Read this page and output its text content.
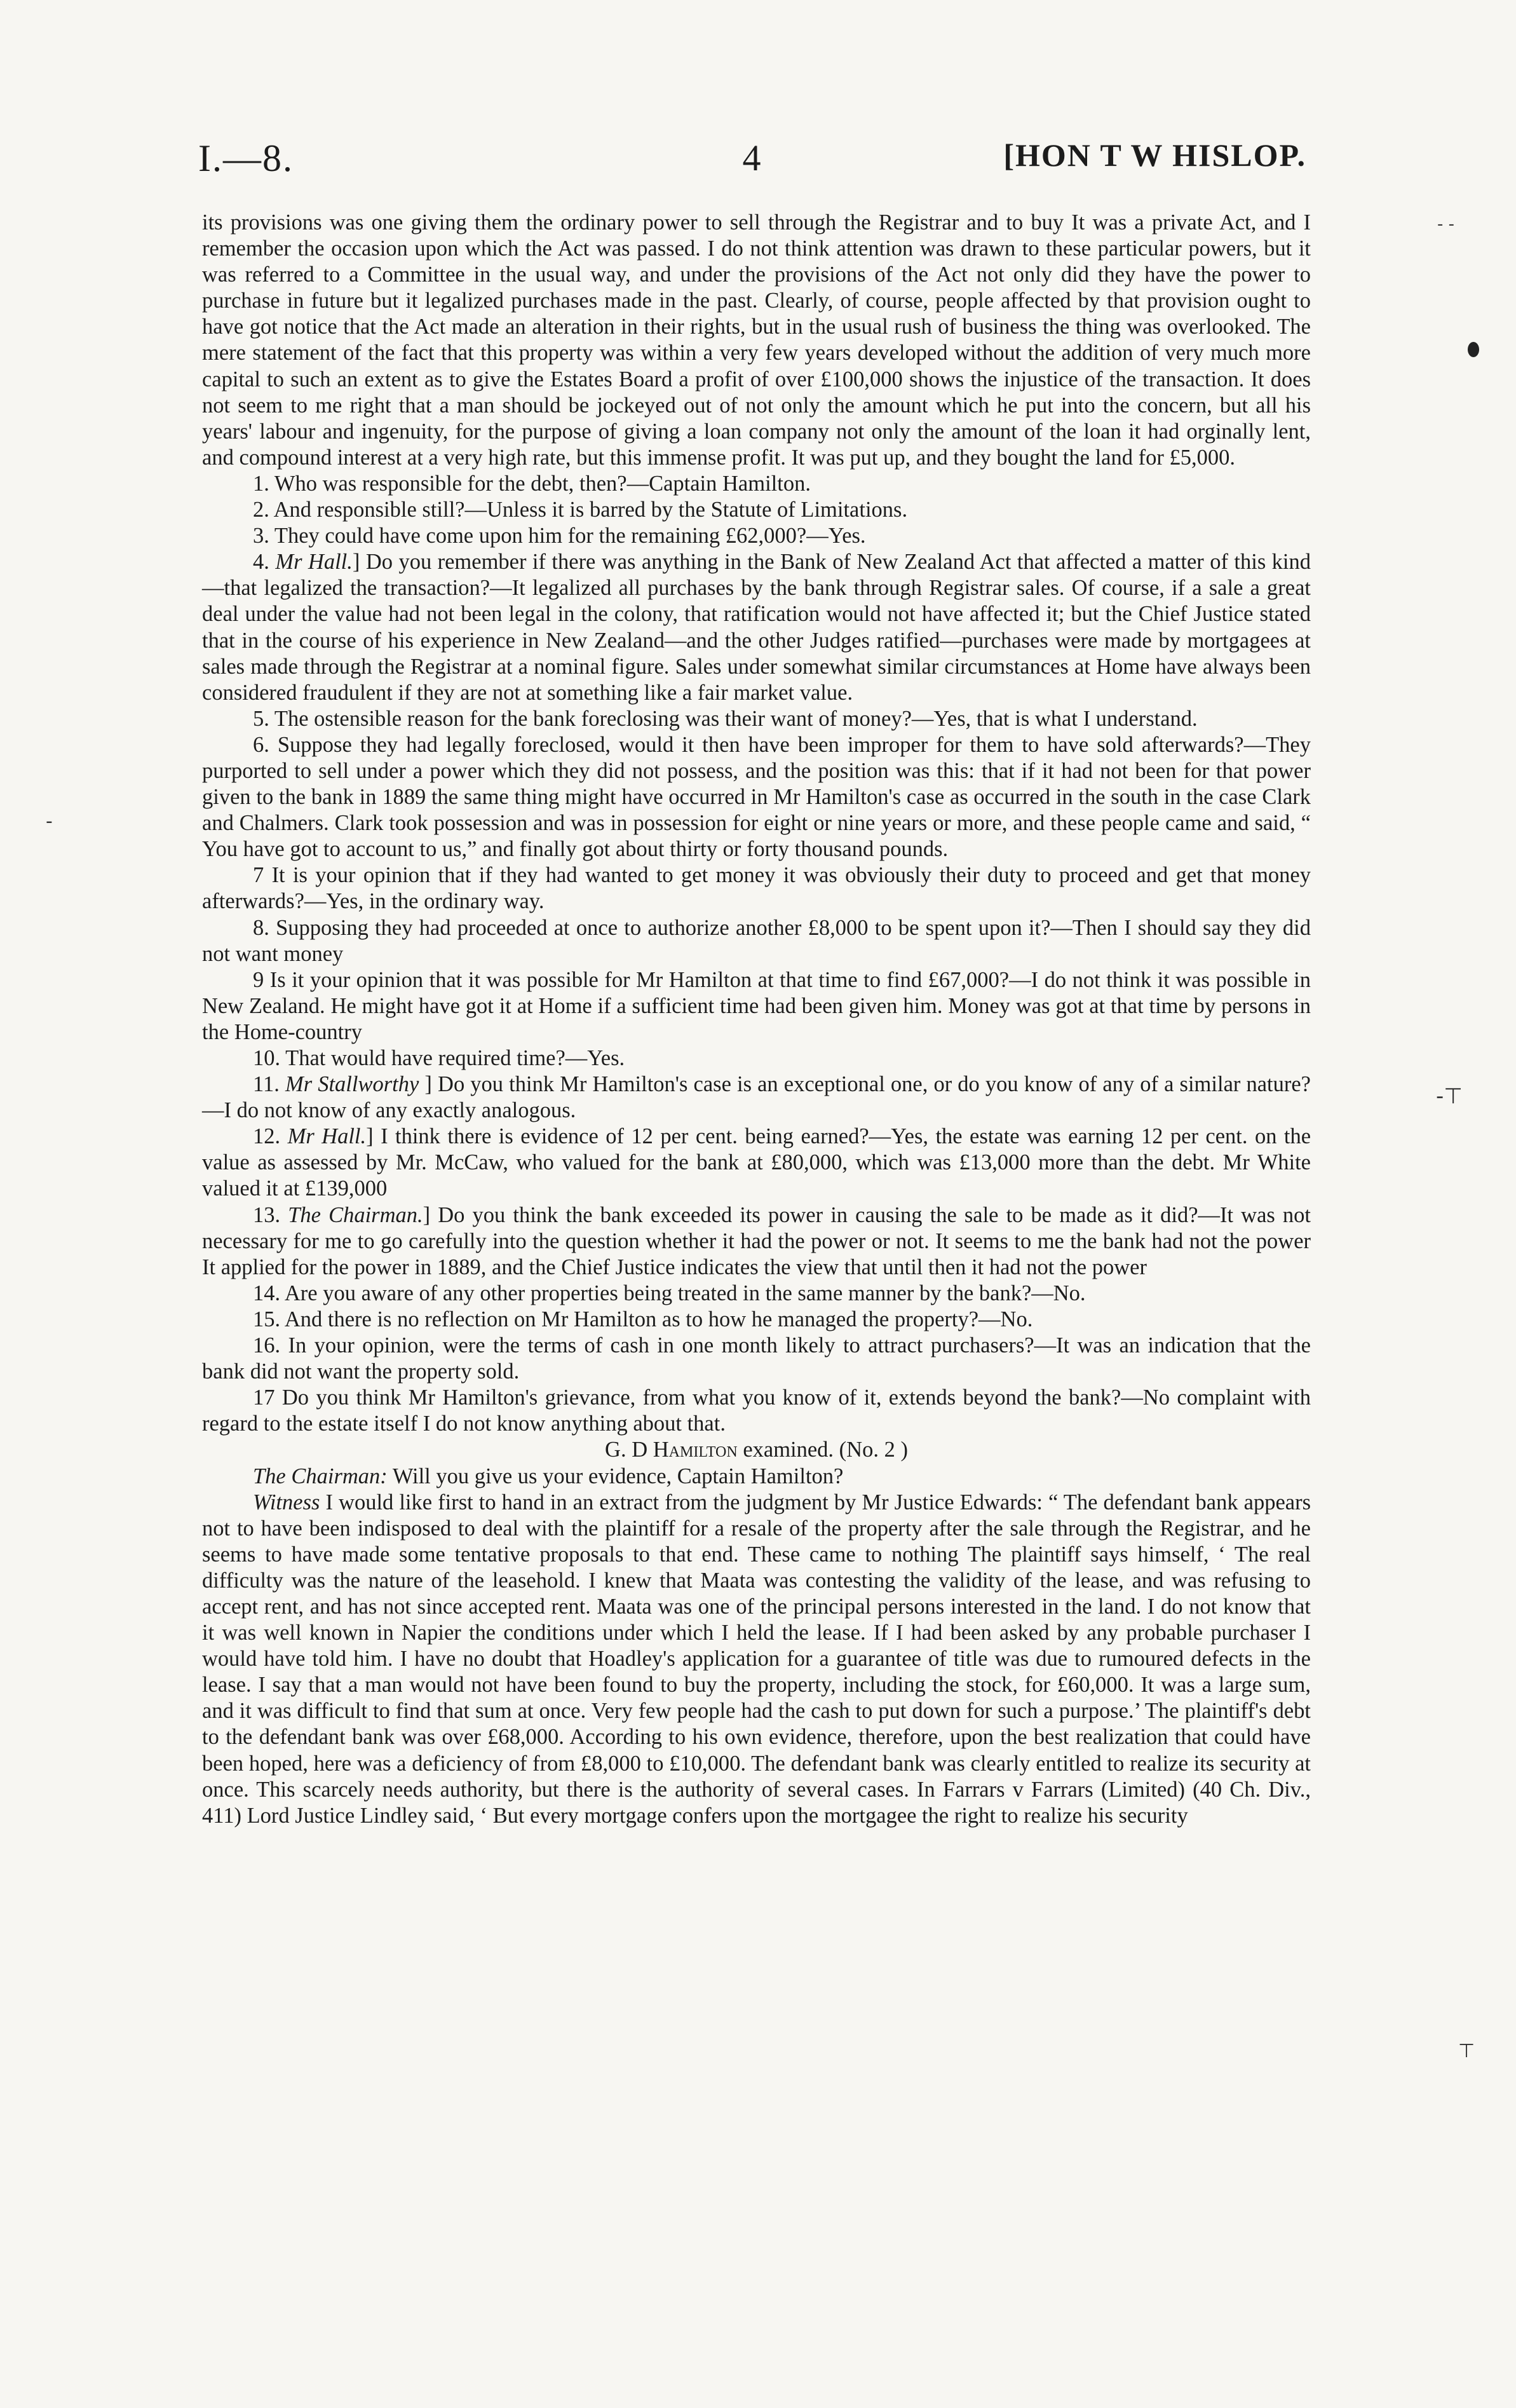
I.—8.	4	[HON T W HISLOP.
‐ ‐
‐
-⊤
⊤

its provisions was one giving them the ordinary power to sell through the Registrar and to buy It was a private Act, and I remember the occasion upon which the Act was passed. I do not think attention was drawn to these particular powers, but it was referred to a Committee in the usual way, and under the provisions of the Act not only did they have the power to purchase in future but it legalized purchases made in the past. Clearly, of course, people affected by that provision ought to have got notice that the Act made an alteration in their rights, but in the usual rush of business the thing was overlooked. The mere statement of the fact that this property was within a very few years developed without the addition of very much more capital to such an extent as to give the Estates Board a profit of over £100,000 shows the injustice of the transaction. It does not seem to me right that a man should be jockeyed out of not only the amount which he put into the concern, but all his years' labour and ingenuity, for the purpose of giving a loan company not only the amount of the loan it had orginally lent, and compound interest at a very high rate, but this immense profit. It was put up, and they bought the land for £5,000.

1. Who was responsible for the debt, then?—Captain Hamilton.

2. And responsible still?—Unless it is barred by the Statute of Limitations.

3. They could have come upon him for the remaining £62,000?—Yes.

4. Mr Hall.] Do you remember if there was anything in the Bank of New Zealand Act that affected a matter of this kind—that legalized the transaction?—It legalized all purchases by the bank through Registrar sales. Of course, if a sale a great deal under the value had not been legal in the colony, that ratification would not have affected it; but the Chief Justice stated that in the course of his experience in New Zealand—and the other Judges ratified—purchases were made by mortgagees at sales made through the Registrar at a nominal figure. Sales under somewhat similar circumstances at Home have always been considered fraudulent if they are not at something like a fair market value.

5. The ostensible reason for the bank foreclosing was their want of money?—Yes, that is what I understand.

6. Suppose they had legally foreclosed, would it then have been improper for them to have sold afterwards?—They purported to sell under a power which they did not possess, and the position was this: that if it had not been for that power given to the bank in 1889 the same thing might have occurred in Mr Hamilton's case as occurred in the south in the case Clark and Chalmers. Clark took possession and was in possession for eight or nine years or more, and these people came and said, “ You have got to account to us,” and finally got about thirty or forty thousand pounds.

7 It is your opinion that if they had wanted to get money it was obviously their duty to proceed and get that money afterwards?—Yes, in the ordinary way.

8. Supposing they had proceeded at once to authorize another £8,000 to be spent upon it?—Then I should say they did not want money

9 Is it your opinion that it was possible for Mr Hamilton at that time to find £67,000?—I do not think it was possible in New Zealand. He might have got it at Home if a sufficient time had been given him. Money was got at that time by persons in the Home-country

10. That would have required time?—Yes.

11. Mr Stallworthy ] Do you think Mr Hamilton's case is an exceptional one, or do you know of any of a similar nature?—I do not know of any exactly analogous.

12. Mr Hall.] I think there is evidence of 12 per cent. being earned?—Yes, the estate was earning 12 per cent. on the value as assessed by Mr. McCaw, who valued for the bank at £80,000, which was £13,000 more than the debt. Mr White valued it at £139,000

13. The Chairman.] Do you think the bank exceeded its power in causing the sale to be made as it did?—It was not necessary for me to go carefully into the question whether it had the power or not. It seems to me the bank had not the power It applied for the power in 1889, and the Chief Justice indicates the view that until then it had not the power

14. Are you aware of any other properties being treated in the same manner by the bank?—No.

15. And there is no reflection on Mr Hamilton as to how he managed the property?—No.

16. In your opinion, were the terms of cash in one month likely to attract purchasers?—It was an indication that the bank did not want the property sold.

17 Do you think Mr Hamilton's grievance, from what you know of it, extends beyond the bank?—No complaint with regard to the estate itself I do not know anything about that.

G. D Hamilton examined. (No. 2 )

The Chairman: Will you give us your evidence, Captain Hamilton?

Witness I would like first to hand in an extract from the judgment by Mr Justice Edwards: “ The defendant bank appears not to have been indisposed to deal with the plaintiff for a resale of the property after the sale through the Registrar, and he seems to have made some tentative proposals to that end. These came to nothing The plaintiff says himself, ‘ The real difficulty was the nature of the leasehold. I knew that Maata was contesting the validity of the lease, and was refusing to accept rent, and has not since accepted rent. Maata was one of the principal persons interested in the land. I do not know that it was well known in Napier the conditions under which I held the lease. If I had been asked by any probable purchaser I would have told him. I have no doubt that Hoadley's application for a guarantee of title was due to rumoured defects in the lease. I say that a man would not have been found to buy the property, including the stock, for £60,000. It was a large sum, and it was difficult to find that sum at once. Very few people had the cash to put down for such a purpose.’ The plaintiff's debt to the defendant bank was over £68,000. According to his own evidence, therefore, upon the best realization that could have been hoped, here was a deficiency of from £8,000 to £10,000. The defendant bank was clearly entitled to realize its security at once. This scarcely needs authority, but there is the authority of several cases. In Farrars v Farrars (Limited) (40 Ch. Div., 411) Lord Justice Lindley said, ‘ But every mortgage confers upon the mortgagee the right to realize his security
